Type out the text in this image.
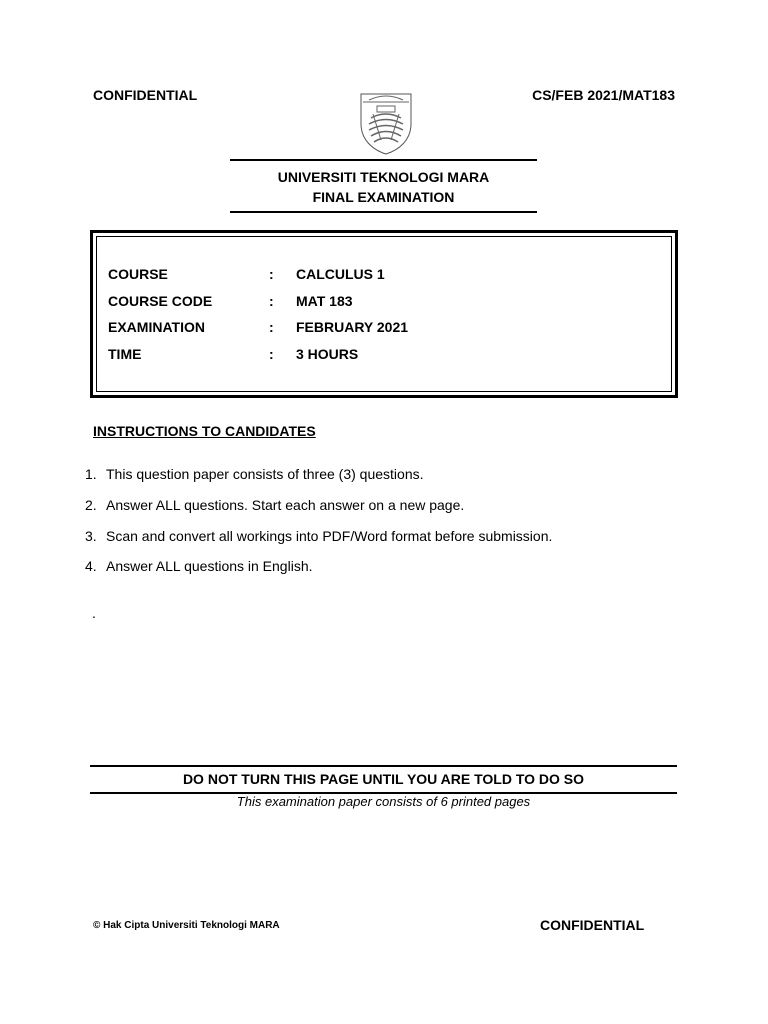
CONFIDENTIAL	CS/FEB 2021/MAT183
UNIVERSITI TEKNOLOGI MARA
FINAL EXAMINATION
COURSE	: CALCULUS 1
COURSE CODE	: MAT 183
EXAMINATION	: FEBRUARY 2021
TIME	: 3 HOURS
INSTRUCTIONS TO CANDIDATES
1. This question paper consists of three (3) questions.
2. Answer ALL questions. Start each answer on a new page.
3. Scan and convert all workings into PDF/Word format before submission.
4. Answer ALL questions in English.
.
DO NOT TURN THIS PAGE UNTIL YOU ARE TOLD TO DO SO
This examination paper consists of 6 printed pages
© Hak Cipta Universiti Teknologi MARA	CONFIDENTIAL
